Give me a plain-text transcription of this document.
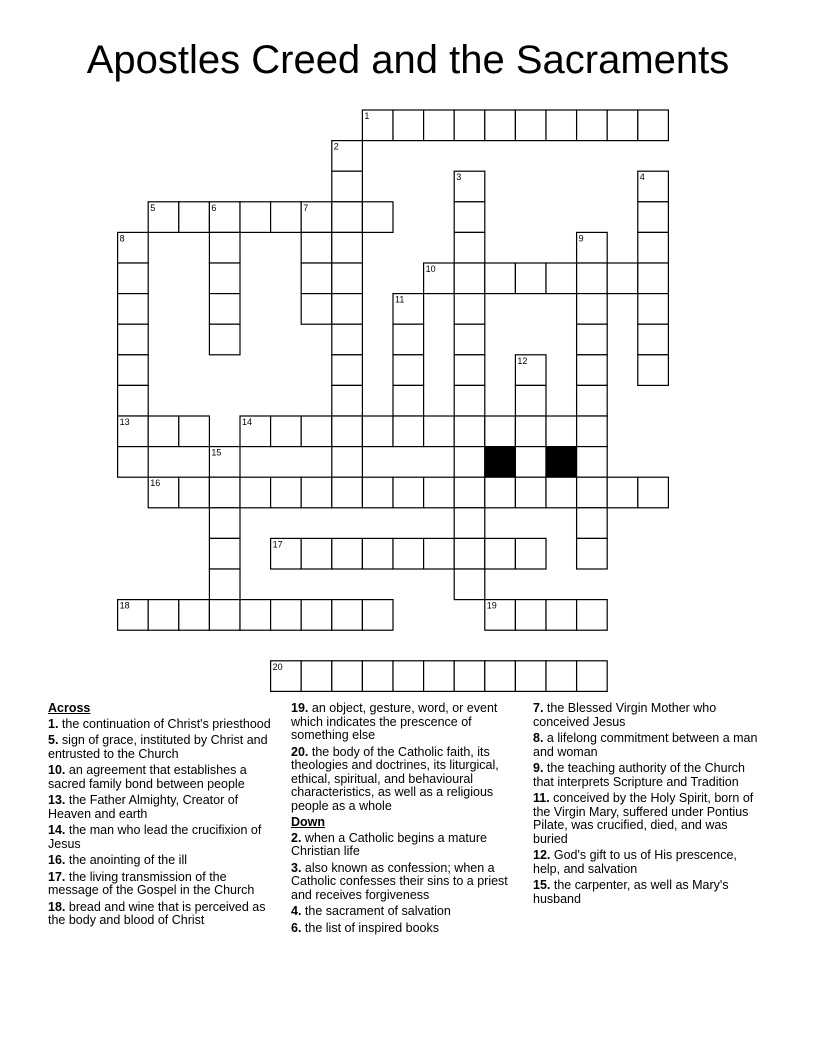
Apostles Creed and the Sacraments
1
2
3	4
5	6	7
8	9
10
11
12
13	14
15
16
17
18	19
20
Across
1. the continuation of Christ's priesthood
5. sign of grace, instituted by Christ and entrusted to the Church
10. an agreement that establishes a sacred family bond between people
13. the Father Almighty, Creator of Heaven and earth
14. the man who lead the crucifixion of Jesus
16. the anointing of the ill
17. the living transmission of the message of the Gospel in the Church
18. bread and wine that is perceived as the body and blood of Christ
19. an object, gesture, word, or event which indicates the prescence of something else
20. the body of the Catholic faith, its theologies and doctrines, its liturgical, ethical, spiritual, and behavioural characteristics, as well as a religious people as a whole
Down
2. when a Catholic begins a mature Christian life
3. also known as confession; when a Catholic confesses their sins to a priest and receives forgiveness
4. the sacrament of salvation
6. the list of inspired books
7. the Blessed Virgin Mother who conceived Jesus
8. a lifelong commitment between a man and woman
9. the teaching authority of the Church that interprets Scripture and Tradition
11. conceived by the Holy Spirit, born of the Virgin Mary, suffered under Pontius Pilate, was crucified, died, and was buried
12. God's gift to us of His prescence, help, and salvation
15. the carpenter, as well as Mary's husband
